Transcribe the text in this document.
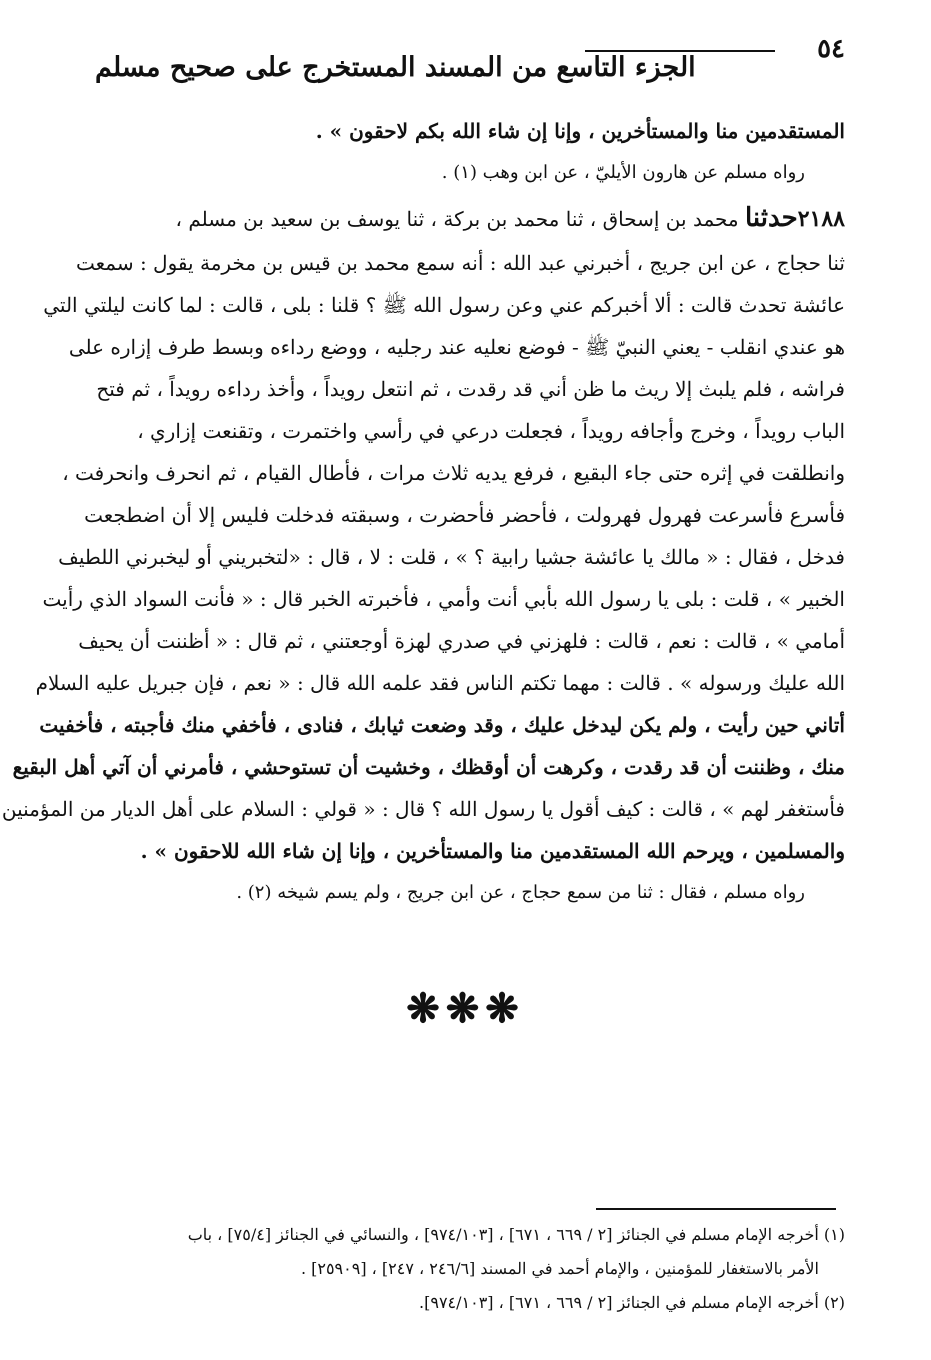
٥٤
الجزء التاسع من المسند المستخرج على صحيح مسلم
المستقدمين منا والمستأخرين ، وإنا إن شاء الله بكم لاحقون » .
رواه مسلم عن هارون الأيليّ ، عن ابن وهب (١) .
٢١٨٨حدثنا محمد بن إسحاق ، ثنا محمد بن بركة ، ثنا يوسف بن سعيد بن مسلم ،
ثنا حجاج ، عن ابن جريج ، أخبرني عبد الله : أنه سمع محمد بن قيس بن مخرمة يقول : سمعت
عائشة تحدث قالت : ألا أخبركم عني وعن رسول الله ﷺ ؟ قلنا : بلى ، قالت : لما كانت ليلتي التي
هو عندي انقلب - يعني النبيّ ﷺ - فوضع نعليه عند رجليه ، ووضع رداءه وبسط طرف إزاره على
فراشه ، فلم يلبث إلا ريث ما ظن أني قد رقدت ، ثم انتعل رويداً ، وأخذ رداءه رويداً ، ثم فتح
الباب رويداً ، وخرج وأجافه رويداً ، فجعلت درعي في رأسي واختمرت ، وتقنعت إزاري ،
وانطلقت في إثره حتى جاء البقيع ، فرفع يديه ثلاث مرات ، فأطال القيام ، ثم انحرف وانحرفت ،
فأسرع فأسرعت فهرول فهرولت ، فأحضر فأحضرت ، وسبقته فدخلت فليس إلا أن اضطجعت
فدخل ، فقال : « مالك يا عائشة جشيا رابية ؟ » ، قلت : لا ، قال : «لتخبريني أو ليخبرني اللطيف
الخبير » ، قلت : بلى يا رسول الله بأبي أنت وأمي ، فأخبرته الخبر قال : « فأنت السواد الذي رأيت
أمامي » ، قالت : نعم ، قالت : فلهزني في صدري لهزة أوجعتني ، ثم قال : « أظننت أن يحيف
الله عليك ورسوله » . قالت : مهما تكتم الناس فقد علمه الله قال : « نعم ، فإن جبريل عليه السلام
أتاني حين رأيت ، ولم يكن ليدخل عليك ، وقد وضعت ثيابك ، فنادى ، فأخفي منك فأجبته ، فأخفيت
منك ، وظننت أن قد رقدت ، وكرهت أن أوقظك ، وخشيت أن تستوحشي ، فأمرني أن آتي أهل البقيع
فأستغفر لهم » ، قالت : كيف أقول يا رسول الله ؟ قال : « قولي : السلام على أهل الديار من المؤمنين
والمسلمين ، ويرحم الله المستقدمين منا والمستأخرين ، وإنا إن شاء الله للاحقون » .
رواه مسلم ، فقال : ثنا من سمع حجاج ، عن ابن جريج ، ولم يسم شيخه (٢) .
❋❋❋
(١) أخرجه الإمام مسلم في الجنائز [٢ / ٦٦٩ ، ٦٧١] ، [٩٧٤/١٠٣] ، والنسائي في الجنائز [٧٥/٤] ، باب
الأمر بالاستغفار للمؤمنين ، والإمام أحمد في المسند [٢٤٦/٦ ، ٢٤٧] ، [٢٥٩٠٩] .
(٢) أخرجه الإمام مسلم في الجنائز [٢ / ٦٦٩ ، ٦٧١] ، [٩٧٤/١٠٣].
